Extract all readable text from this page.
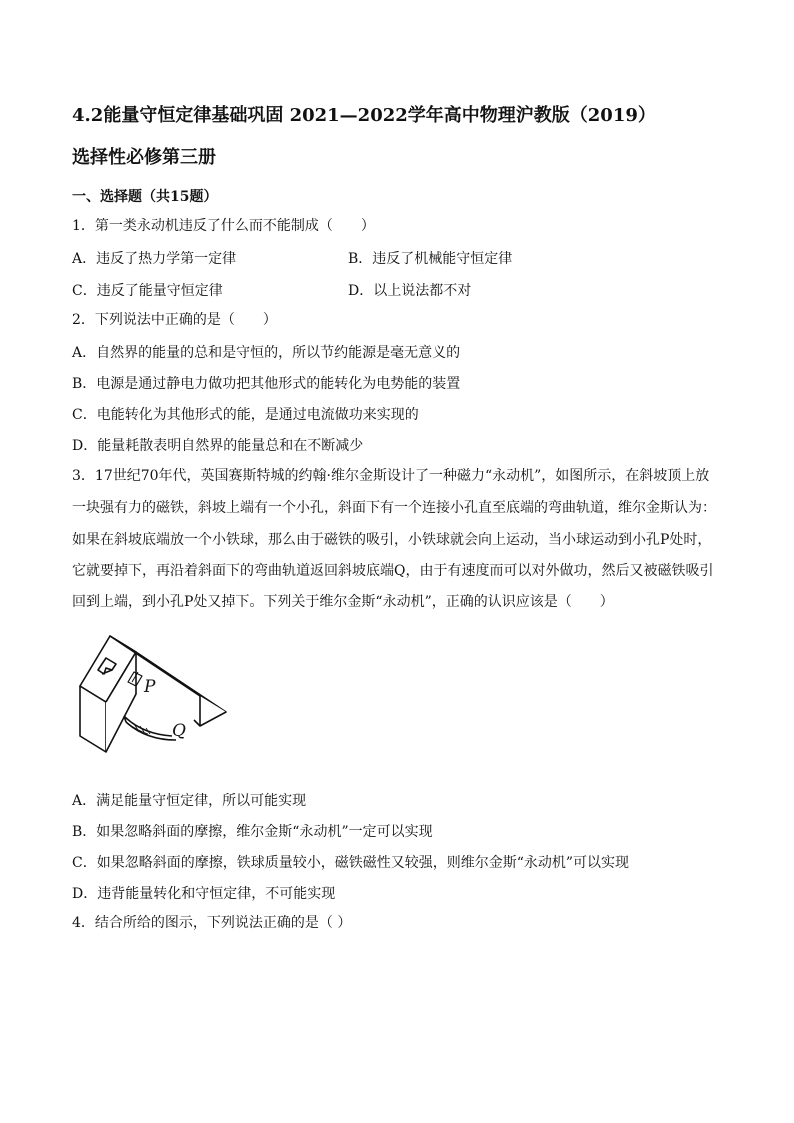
4.2能量守恒定律基础巩固 2021—2022学年高中物理沪教版（2019）
选择性必修第三册
一、选择题（共15题）
1．第一类永动机违反了什么而不能制成（　　）
A．违反了热力学第一定律	B．违反了机械能守恒定律
C．违反了能量守恒定律	D．以上说法都不对
2．下列说法中正确的是（　　）
A．自然界的能量的总和是守恒的，所以节约能源是毫无意义的
B．电源是通过静电力做功把其他形式的能转化为电势能的装置
C．电能转化为其他形式的能，是通过电流做功来实现的
D．能量耗散表明自然界的能量总和在不断减少
3．17世纪70年代，英国赛斯特城的约翰·维尔金斯设计了一种磁力“永动机”，如图所示，在斜坡顶上放
一块强有力的磁铁，斜坡上端有一个小孔，斜面下有一个连接小孔直至底端的弯曲轨道，维尔金斯认为：
如果在斜坡底端放一个小铁球，那么由于磁铁的吸引，小铁球就会向上运动，当小球运动到小孔P处时，
它就要掉下，再沿着斜面下的弯曲轨道返回斜坡底端Q，由于有速度而可以对外做功，然后又被磁铁吸引
回到上端，到小孔P处又掉下。下列关于维尔金斯“永动机”，正确的认识应该是（　　）
P
Q
A．满足能量守恒定律，所以可能实现
B．如果忽略斜面的摩擦，维尔金斯“永动机”一定可以实现
C．如果忽略斜面的摩擦，铁球质量较小，磁铁磁性又较强，则维尔金斯“永动机”可以实现
D．违背能量转化和守恒定律，不可能实现
4．结合所给的图示，下列说法正确的是（ ）
